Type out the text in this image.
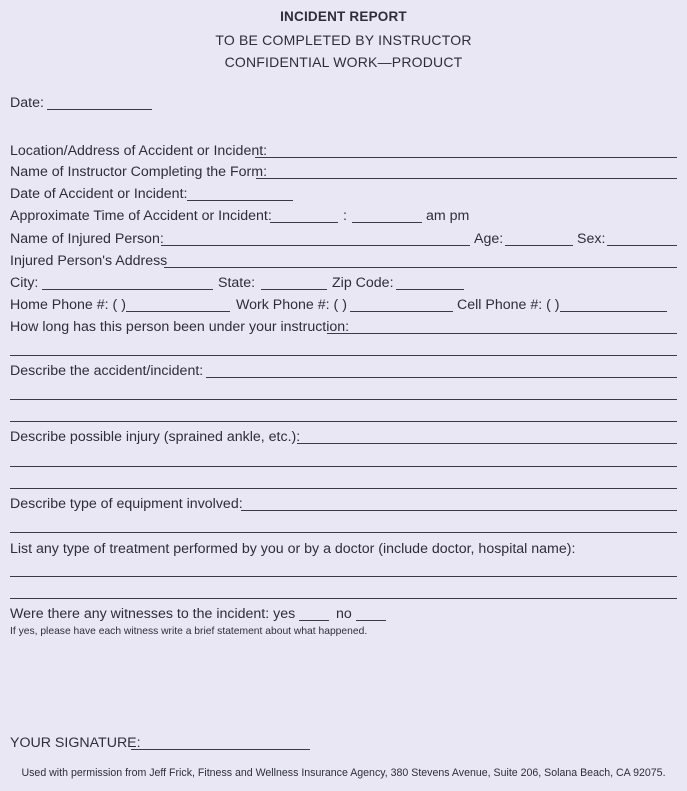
INCIDENT REPORT
TO BE COMPLETED BY INSTRUCTOR
CONFIDENTIAL WORK—PRODUCT
Date:
Location/Address of Accident or Incident:
Name of Instructor Completing the Form:
Date of Accident or Incident:
Approximate Time of Accident or Incident:	:	am pm
Name of Injured Person:	Age:	Sex:
Injured Person's Address
City:	State:	Zip Code:
Home Phone #: ( )	Work Phone #: ( )	Cell Phone #: ( )
How long has this person been under your instruction:
Describe the accident/incident:
Describe possible injury (sprained ankle, etc.):
Describe type of equipment involved:
List any type of treatment performed by you or by a doctor (include doctor, hospital name):
Were there any witnesses to the incident: yes	no
If yes, please have each witness write a brief statement about what happened.
YOUR SIGNATURE:
Used with permission from Jeff Frick, Fitness and Wellness Insurance Agency, 380 Stevens Avenue, Suite 206, Solana Beach, CA 92075.
